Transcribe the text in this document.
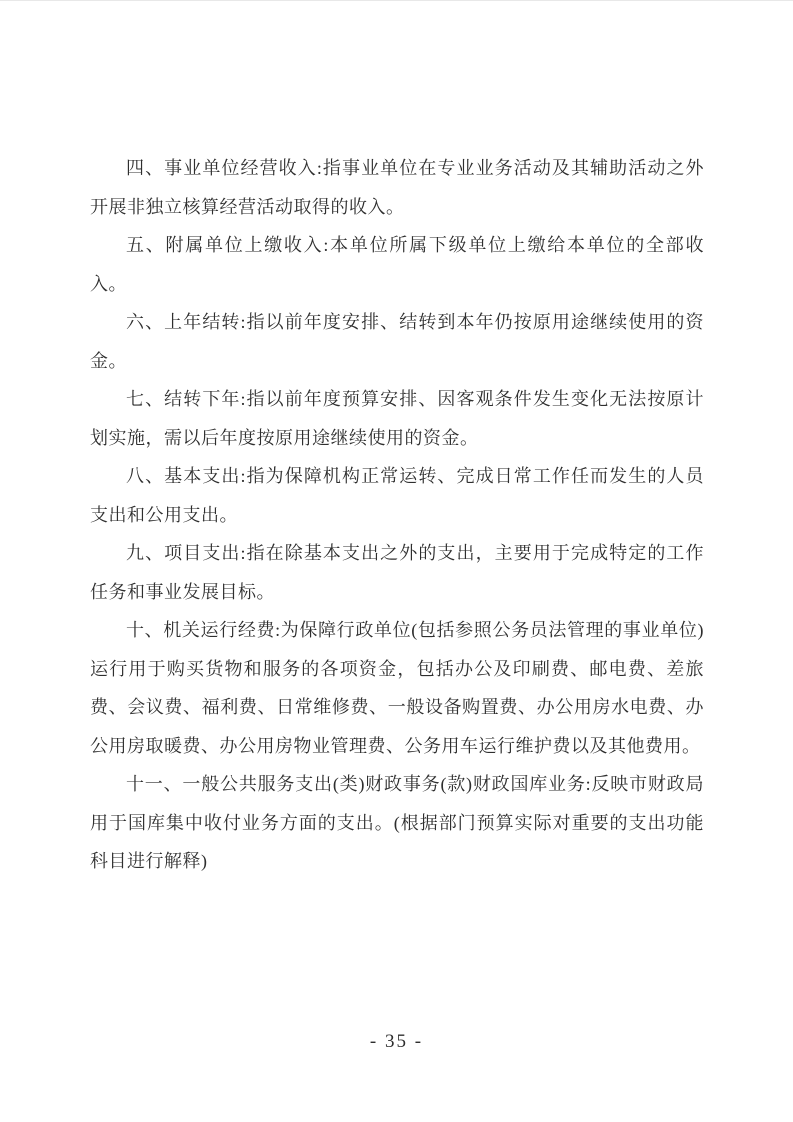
四、事业单位经营收入:指事业单位在专业业务活动及其辅助活动之外开展非独立核算经营活动取得的收入。

五、附属单位上缴收入:本单位所属下级单位上缴给本单位的全部收入。

六、上年结转:指以前年度安排、结转到本年仍按原用途继续使用的资金。

七、结转下年:指以前年度预算安排、因客观条件发生变化无法按原计划实施，需以后年度按原用途继续使用的资金。

八、基本支出:指为保障机构正常运转、完成日常工作任而发生的人员支出和公用支出。

九、项目支出:指在除基本支出之外的支出，主要用于完成特定的工作任务和事业发展目标。

十、机关运行经费:为保障行政单位(包括参照公务员法管理的事业单位)运行用于购买货物和服务的各项资金，包括办公及印刷费、邮电费、差旅费、会议费、福利费、日常维修费、一般设备购置费、办公用房水电费、办公用房取暖费、办公用房物业管理费、公务用车运行维护费以及其他费用。

十一、一般公共服务支出(类)财政事务(款)财政国库业务:反映市财政局用于国库集中收付业务方面的支出。(根据部门预算实际对重要的支出功能科目进行解释)

- 35 -
